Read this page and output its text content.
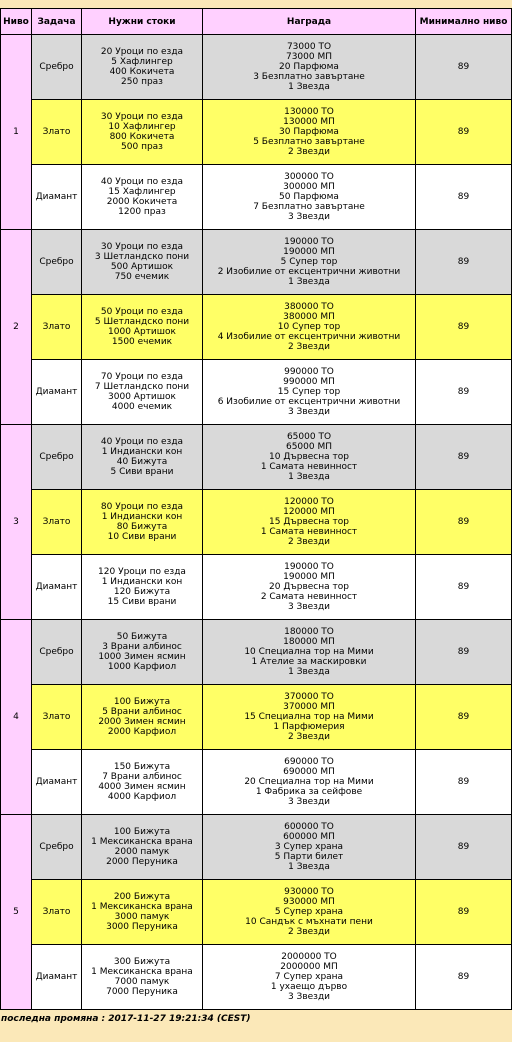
Ниво	Задача	Нужни стоки	Награда	Минимално ниво
1	Сребро	20 Уроци по езда
5 Хафлингер
400 Кокичета
250 праз	73000 ТО
73000 МП
20 Парфюма
3 Безплатно завъртане
1 Звезда	89
	Злато	30 Уроци по езда
10 Хафлингер
800 Кокичета
500 праз	130000 ТО
130000 МП
30 Парфюма
5 Безплатно завъртане
2 Звезди	89
	Диамант	40 Уроци по езда
15 Хафлингер
2000 Кокичета
1200 праз	300000 ТО
300000 МП
50 Парфюма
7 Безплатно завъртане
3 Звезди	89
2	Сребро	30 Уроци по езда
3 Шетландско пони
500 Артишок
750 ечемик	190000 ТО
190000 МП
5 Супер тор
2 Изобилие от ексцентрични животни
1 Звезда	89
	Злато	50 Уроци по езда
5 Шетландско пони
1000 Артишок
1500 ечемик	380000 ТО
380000 МП
10 Супер тор
4 Изобилие от ексцентрични животни
2 Звезди	89
	Диамант	70 Уроци по езда
7 Шетландско пони
3000 Артишок
4000 ечемик	990000 ТО
990000 МП
15 Супер тор
6 Изобилие от ексцентрични животни
3 Звезди	89
3	Сребро	40 Уроци по езда
1 Индиански кон
40 Бижута
5 Сиви врани	65000 ТО
65000 МП
10 Дървесна тор
1 Самата невинност
1 Звезда	89
	Злато	80 Уроци по езда
1 Индиански кон
80 Бижута
10 Сиви врани	120000 ТО
120000 МП
15 Дървесна тор
1 Самата невинност
2 Звезди	89
	Диамант	120 Уроци по езда
1 Индиански кон
120 Бижута
15 Сиви врани	190000 ТО
190000 МП
20 Дървесна тор
2 Самата невинност
3 Звезди	89
4	Сребро	50 Бижута
3 Врани албинос
1000 Зимен ясмин
1000 Карфиол	180000 ТО
180000 МП
10 Специална тор на Мими
1 Ателие за маскировки
1 Звезда	89
	Злато	100 Бижута
5 Врани албинос
2000 Зимен ясмин
2000 Карфиол	370000 ТО
370000 МП
15 Специална тор на Мими
1 Парфюмерия
2 Звезди	89
	Диамант	150 Бижута
7 Врани албинос
4000 Зимен ясмин
4000 Карфиол	690000 ТО
690000 МП
20 Специална тор на Мими
1 Фабрика за сейфове
3 Звезди	89
5	Сребро	100 Бижута
1 Мексиканска врана
2000 памук
2000 Перуника	600000 ТО
600000 МП
3 Супер храна
5 Парти билет
1 Звезда	89
	Злато	200 Бижута
1 Мексиканска врана
3000 памук
3000 Перуника	930000 ТО
930000 МП
5 Супер храна
10 Сандък с мъхнати пени
2 Звезди	89
	Диамант	300 Бижута
1 Мексиканска врана
7000 памук
7000 Перуника	2000000 ТО
2000000 МП
7 Супер храна
1 ухаещо дърво
3 Звезди	89
последна промяна : 2017-11-27 19:21:34 (CEST)
